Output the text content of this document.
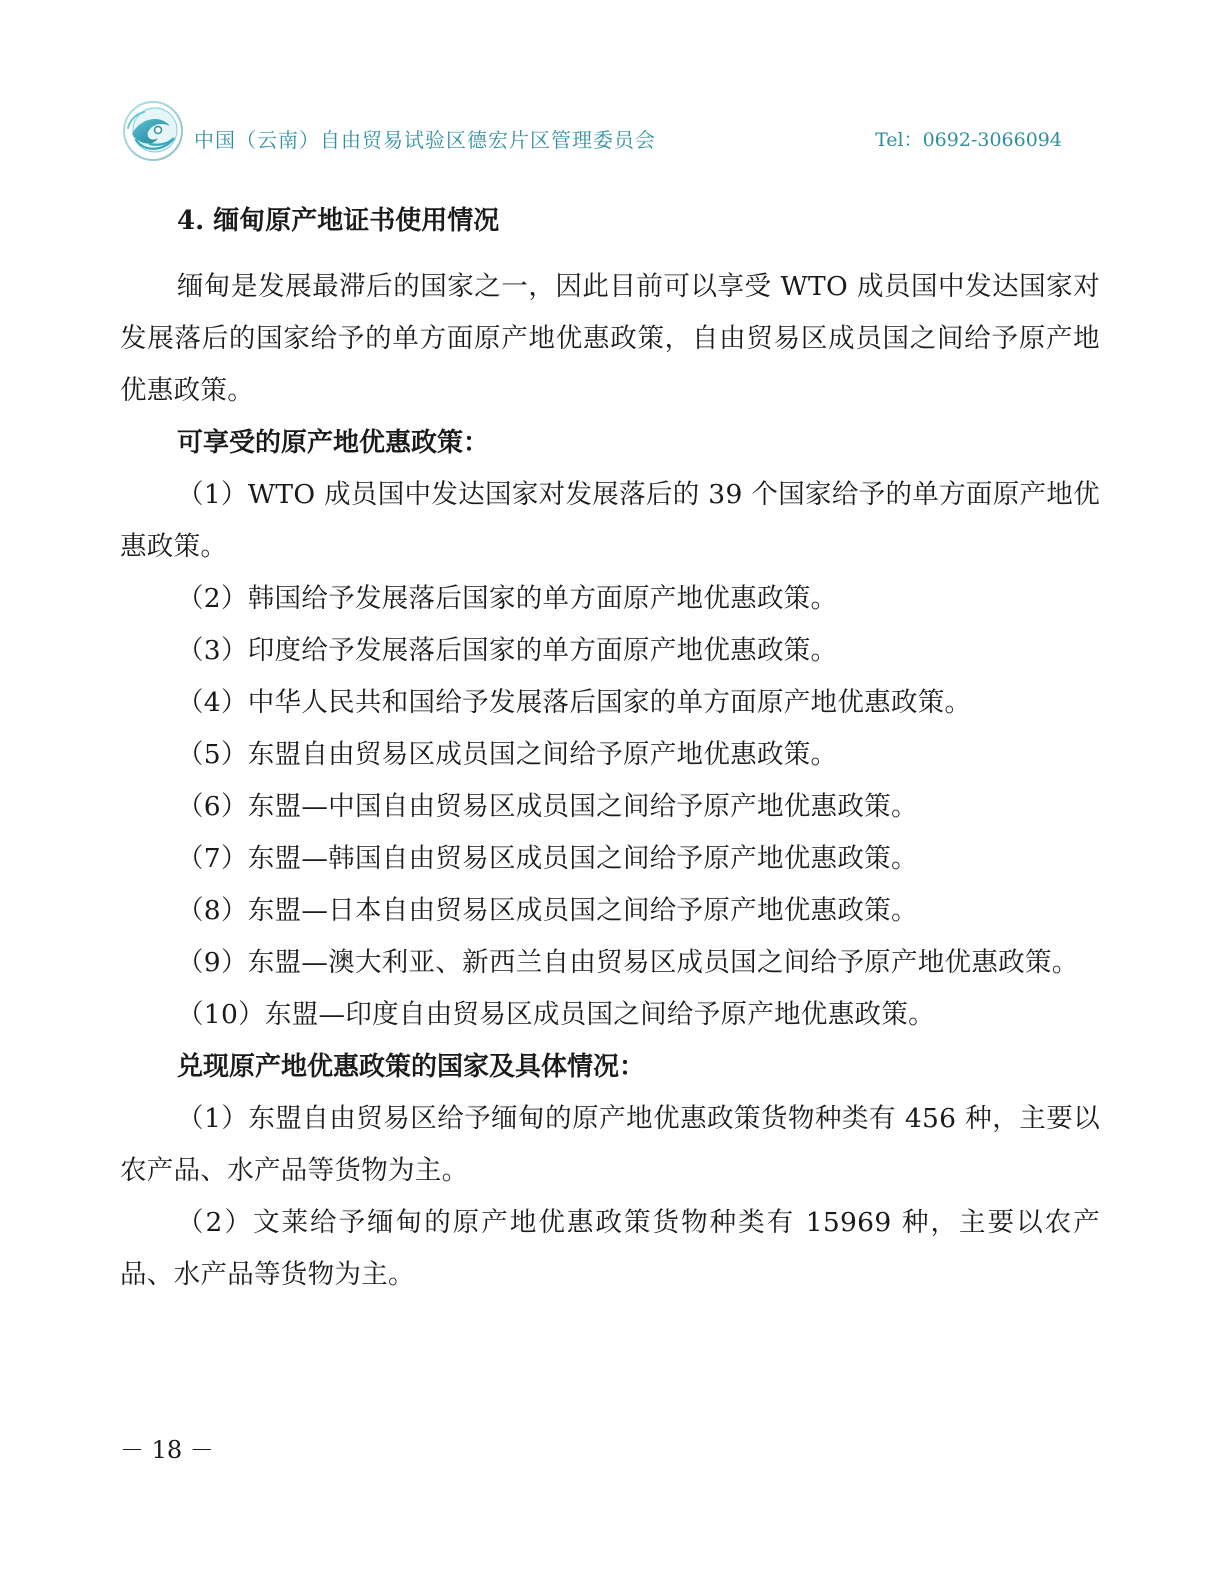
中国（云南）自由贸易试验区德宏片区管理委员会	Tel：0692-3066094
4. 缅甸原产地证书使用情况

缅甸是发展最滞后的国家之一，因此目前可以享受 WTO 成员国中发达国家对发展落后的国家给予的单方面原产地优惠政策，自由贸易区成员国之间给予原产地优惠政策。

可享受的原产地优惠政策：

（1）WTO 成员国中发达国家对发展落后的 39 个国家给予的单方面原产地优惠政策。

（2）韩国给予发展落后国家的单方面原产地优惠政策。

（3）印度给予发展落后国家的单方面原产地优惠政策。

（4）中华人民共和国给予发展落后国家的单方面原产地优惠政策。

（5）东盟自由贸易区成员国之间给予原产地优惠政策。

（6）东盟—中国自由贸易区成员国之间给予原产地优惠政策。

（7）东盟—韩国自由贸易区成员国之间给予原产地优惠政策。

（8）东盟—日本自由贸易区成员国之间给予原产地优惠政策。

（9）东盟—澳大利亚、新西兰自由贸易区成员国之间给予原产地优惠政策。

（10）东盟—印度自由贸易区成员国之间给予原产地优惠政策。

兑现原产地优惠政策的国家及具体情况：

（1）东盟自由贸易区给予缅甸的原产地优惠政策货物种类有 456 种，主要以农产品、水产品等货物为主。

（2）文莱给予缅甸的原产地优惠政策货物种类有 15969 种，主要以农产品、水产品等货物为主。

－ 18 －
